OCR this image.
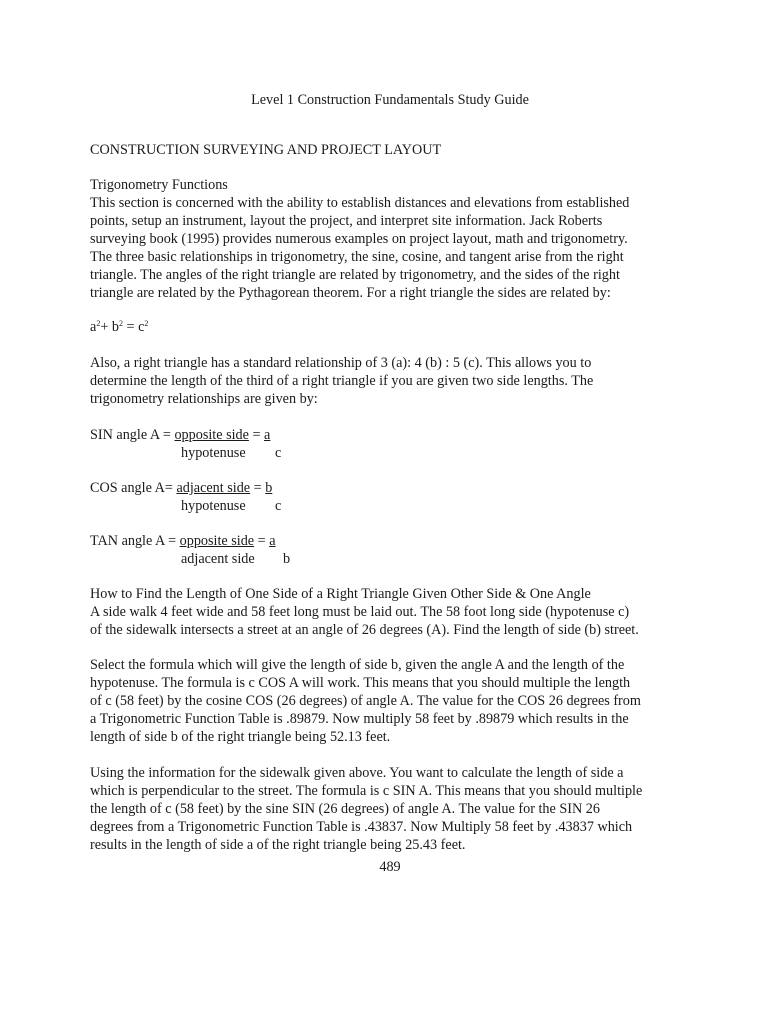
Level 1 Construction Fundamentals Study Guide
CONSTRUCTION SURVEYING AND PROJECT LAYOUT

Trigonometry Functions

This section is concerned with the ability to establish distances and elevations from established

points, setup an instrument, layout the project, and interpret site information. Jack Roberts

surveying book (1995) provides numerous examples on project layout, math and trigonometry.

The three basic relationships in trigonometry, the sine, cosine, and tangent arise from the right

triangle. The angles of the right triangle are related by trigonometry, and the sides of the right

triangle are related by the Pythagorean theorem. For a right triangle the sides are related by:

$a^2+ b^2 = c^2$

Also, a right triangle has a standard relationship of 3 (a): 4 (b) : 5 (c). This allows you to

determine the length of the third of a right triangle if you are given two side lengths. The

trigonometry relationships are given by:

SIN angle A = opposite side = a
hypotenuse c
COS angle A= adjacent side = b
hypotenuse c
TAN angle A = opposite side = a
adjacent side b

How to Find the Length of One Side of a Right Triangle Given Other Side & One Angle

A side walk 4 feet wide and 58 feet long must be laid out. The 58 foot long side (hypotenuse c)

of the sidewalk intersects a street at an angle of 26 degrees (A). Find the length of side (b) street.

Select the formula which will give the length of side b, given the angle A and the length of the

hypotenuse. The formula is c COS A will work. This means that you should multiple the length

of c (58 feet) by the cosine COS (26 degrees) of angle A. The value for the COS 26 degrees from

a Trigonometric Function Table is .89879. Now multiply 58 feet by .89879 which results in the

length of side b of the right triangle being 52.13 feet.

Using the information for the sidewalk given above. You want to calculate the length of side a

which is perpendicular to the street. The formula is c SIN A. This means that you should multiple

the length of c (58 feet) by the sine SIN (26 degrees) of angle A. The value for the SIN 26

degrees from a Trigonometric Function Table is .43837. Now Multiply 58 feet by .43837 which

results in the length of side a of the right triangle being 25.43 feet.

489
